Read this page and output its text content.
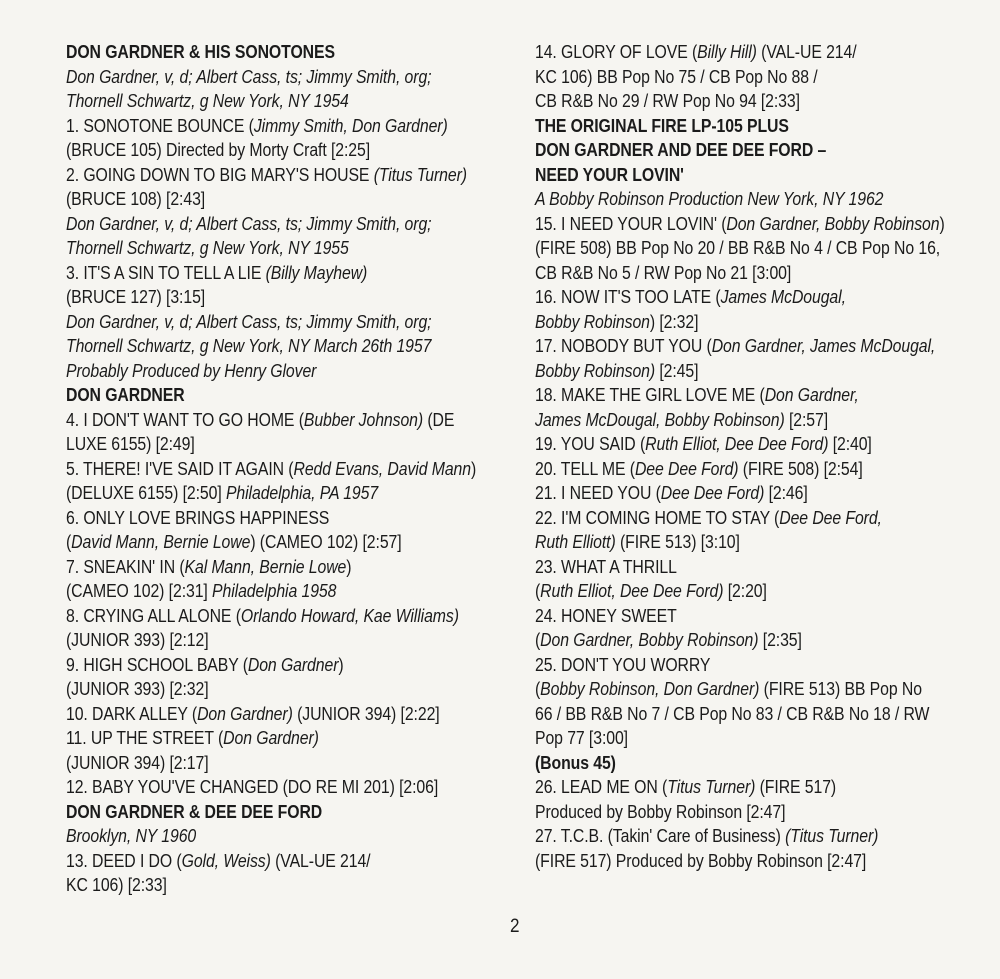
DON GARDNER & HIS SONOTONES
Don Gardner, v, d; Albert Cass, ts; Jimmy Smith, org;
Thornell Schwartz, g New York, NY 1954
1. SONOTONE BOUNCE (Jimmy Smith, Don Gardner)
(BRUCE 105) Directed by Morty Craft [2:25]
2. GOING DOWN TO BIG MARY'S HOUSE (Titus Turner)
(BRUCE 108) [2:43]
Don Gardner, v, d; Albert Cass, ts; Jimmy Smith, org;
Thornell Schwartz, g New York, NY 1955
3. IT'S A SIN TO TELL A LIE (Billy Mayhew)
(BRUCE 127) [3:15]
Don Gardner, v, d; Albert Cass, ts; Jimmy Smith, org;
Thornell Schwartz, g New York, NY March 26th 1957
Probably Produced by Henry Glover
DON GARDNER
4. I DON'T WANT TO GO HOME (Bubber Johnson) (DE
LUXE 6155) [2:49]
5. THERE! I'VE SAID IT AGAIN (Redd Evans, David Mann)
(DELUXE 6155) [2:50] Philadelphia, PA 1957
6. ONLY LOVE BRINGS HAPPINESS
(David Mann, Bernie Lowe) (CAMEO 102) [2:57]
7. SNEAKIN' IN (Kal Mann, Bernie Lowe)
(CAMEO 102) [2:31] Philadelphia 1958
8. CRYING ALL ALONE (Orlando Howard, Kae Williams)
(JUNIOR 393) [2:12]
9. HIGH SCHOOL BABY (Don Gardner)
(JUNIOR 393) [2:32]
10. DARK ALLEY (Don Gardner) (JUNIOR 394) [2:22]
11. UP THE STREET (Don Gardner)
(JUNIOR 394) [2:17]
12. BABY YOU'VE CHANGED (DO RE MI 201) [2:06]
DON GARDNER & DEE DEE FORD
Brooklyn, NY 1960
13. DEED I DO (Gold, Weiss) (VAL-UE 214/
KC 106) [2:33]
14. GLORY OF LOVE (Billy Hill) (VAL-UE 214/
KC 106) BB Pop No 75 / CB Pop No 88 /
CB R&B No 29 / RW Pop No 94 [2:33]
THE ORIGINAL FIRE LP-105 PLUS
DON GARDNER AND DEE DEE FORD –
NEED YOUR LOVIN'
A Bobby Robinson Production New York, NY 1962
15. I NEED YOUR LOVIN' (Don Gardner, Bobby Robinson)
(FIRE 508) BB Pop No 20 / BB R&B No 4 / CB Pop No 16,
CB R&B No 5 / RW Pop No 21 [3:00]
16. NOW IT'S TOO LATE (James McDougal,
Bobby Robinson) [2:32]
17. NOBODY BUT YOU (Don Gardner, James McDougal,
Bobby Robinson) [2:45]
18. MAKE THE GIRL LOVE ME (Don Gardner,
James McDougal, Bobby Robinson) [2:57]
19. YOU SAID (Ruth Elliot, Dee Dee Ford) [2:40]
20. TELL ME (Dee Dee Ford) (FIRE 508) [2:54]
21. I NEED YOU (Dee Dee Ford) [2:46]
22. I'M COMING HOME TO STAY (Dee Dee Ford,
Ruth Elliott) (FIRE 513) [3:10]
23. WHAT A THRILL
(Ruth Elliot, Dee Dee Ford) [2:20]
24. HONEY SWEET
(Don Gardner, Bobby Robinson) [2:35]
25. DON'T YOU WORRY
(Bobby Robinson, Don Gardner) (FIRE 513) BB Pop No
66 / BB R&B No 7 / CB Pop No 83 / CB R&B No 18 / RW
Pop 77 [3:00]
(Bonus 45)
26. LEAD ME ON (Titus Turner) (FIRE 517)
Produced by Bobby Robinson [2:47]
27. T.C.B. (Takin' Care of Business) (Titus Turner)
(FIRE 517) Produced by Bobby Robinson [2:47]
2
